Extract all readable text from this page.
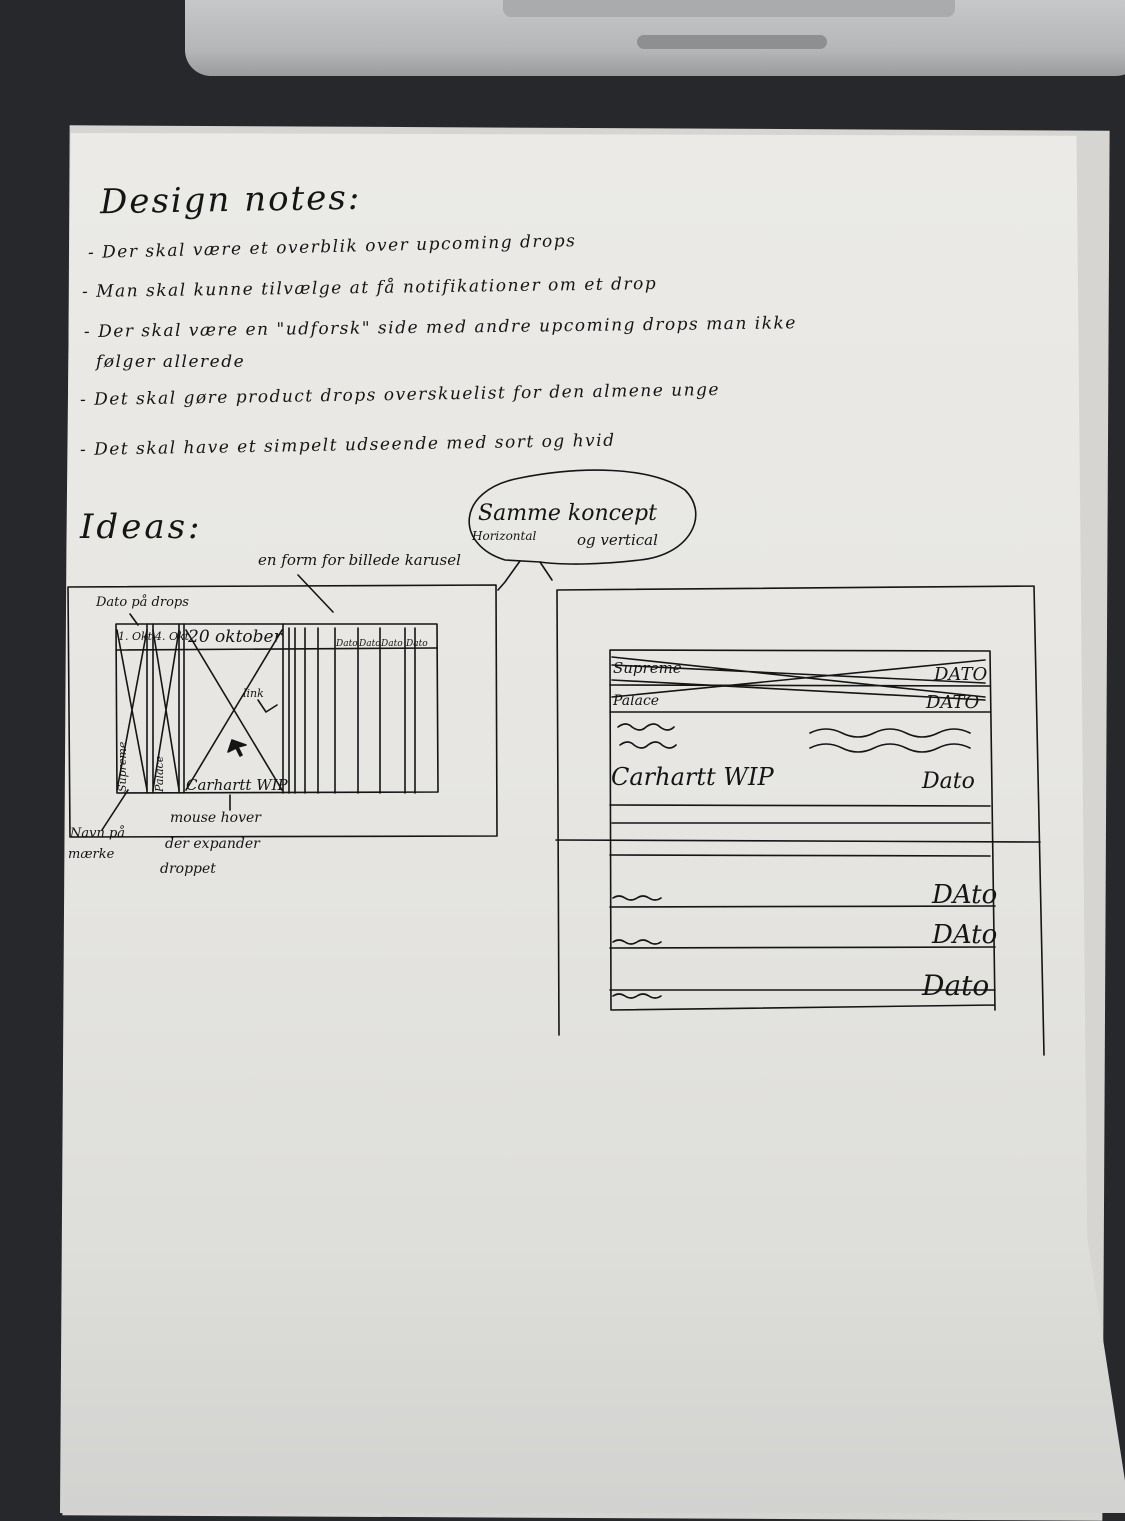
Design notes:

- Der skal være et overblik over upcoming drops

- Man skal kunne tilvælge at få notifikationer om et drop

- Der skal være en "udforsk" side med andre upcoming drops man ikke

følger allerede

- Det skal gøre product drops overskuelist for den almene unge

- Det skal have et simpelt udseende med sort og hvid

Ideas:	Samme koncept
Horizontal	og vertical
en form for billede karusel
Dato på drops
1. Okt 4. Okt
20 oktober	Dato Dato Dato Dato
Supreme Palace Carhartt WIP
link
Navn på
mærke
mouse hover
der expander
droppet
Supreme	DATO
Palace	DATO
Carhartt WIP	Dato
DAto
DAto
Dato
